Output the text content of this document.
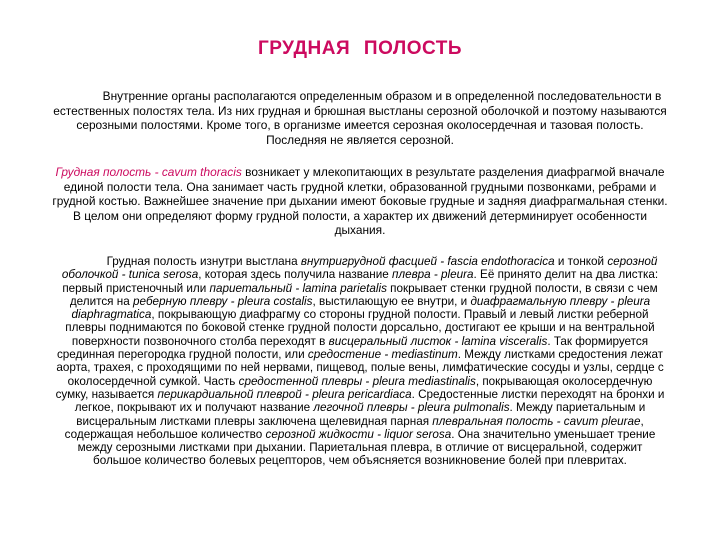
ГРУДНАЯ ПОЛОСТЬ
Внутренние органы располагаются определенным образом и в определенной последовательности в естественных полостях тела. Из них грудная и брюшная выстланы серозной оболочкой и поэтому называются серозными полостями. Кроме того, в организме имеется серозная околосердечная и тазовая полость. Последняя не является серозной.
Грудная полость - cavum thoracis возникает у млекопитающих в результате разделения диафрагмой вначале единой полости тела. Она занимает часть грудной клетки, образованной грудными позвонками, ребрами и грудной костью. Важнейшее значение при дыхании имеют боковые грудные и задняя диафрагмальная стенки. В целом они определяют форму грудной полости, а характер их движений детерминирует особенности дыхания.
Грудная полость изнутри выстлана внутригрудной фасцией - fascia endothoracica и тонкой серозной оболочкой - tunica serosa, которая здесь получила название плевра - pleura. Её принято делит на два листка: первый пристеночный или париетальный - lamina parietalis покрывает стенки грудной полости, в связи с чем делится на реберную плевру - pleura costalis, выстилающую ее внутри, и диафрагмальную плевру - pleura diaphragmatica, покрывающую диафрагму со стороны грудной полости. Правый и левый листки реберной плевры поднимаются по боковой стенке грудной полости дорсально, достигают ее крыши и на вентральной поверхности позвоночного столба переходят в висцеральный листок - lamina visceralis. Так формируется срединная перегородка грудной полости, или средостение - mediastinum. Между листками средостения лежат аорта, трахея, с проходящими по ней нервами, пищевод, полые вены, лимфатические сосуды и узлы, сердце с околосердечной сумкой. Часть средостенной плевры - pleura mediastinalis, покрывающая околосердечную сумку, называется перикардиальной плеврой - pleura pericardiaca. Средостенные листки переходят на бронхи и легкое, покрывают их и получают название легочной плевры - pleura pulmonalis. Между париетальным и висцеральным листками плевры заключена щелевидная парная плевральная полость - cavum pleurae, содержащая небольшое количество серозной жидкости - liquor serosa. Она значительно уменьшает трение между серозными листками при дыхании. Париетальная плевра, в отличие от висцеральной, содержит большое количество болевых рецепторов, чем объясняется возникновение болей при плевритах.
